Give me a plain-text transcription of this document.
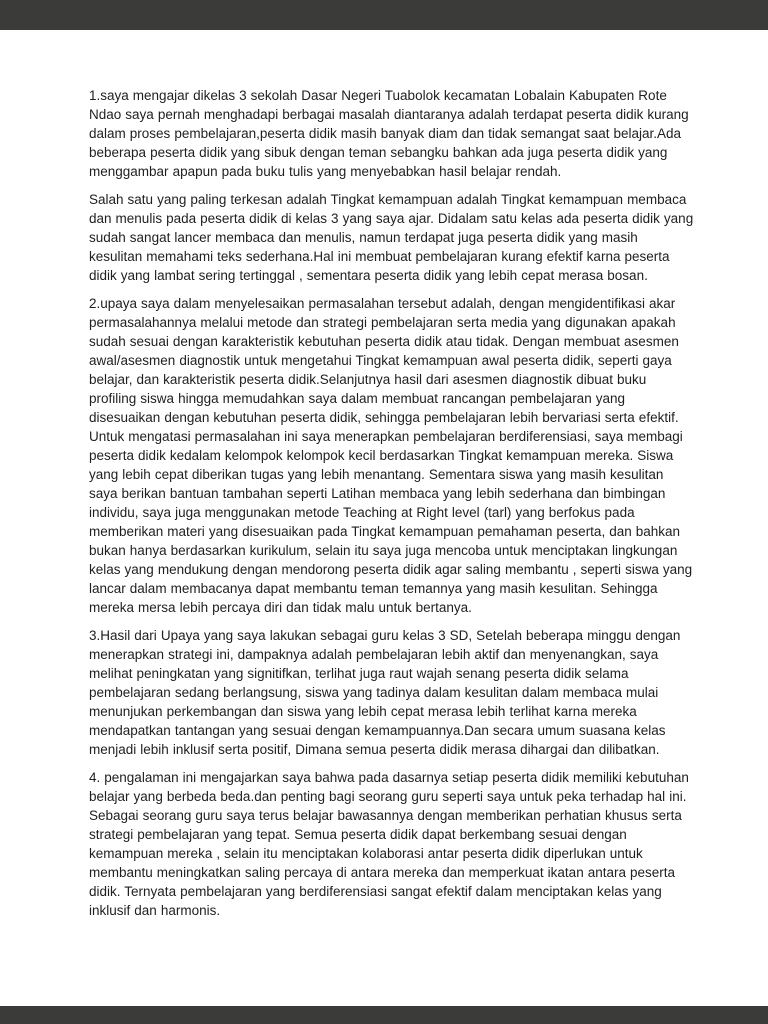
1.saya mengajar dikelas 3 sekolah Dasar Negeri Tuabolok kecamatan Lobalain Kabupaten Rote Ndao saya pernah menghadapi berbagai masalah diantaranya adalah terdapat peserta didik kurang dalam proses pembelajaran,peserta didik masih banyak diam dan tidak semangat saat belajar.Ada beberapa peserta didik yang sibuk dengan teman sebangku bahkan ada juga peserta didik yang menggambar apapun pada buku tulis yang menyebabkan hasil belajar rendah.

Salah satu yang paling terkesan adalah Tingkat kemampuan adalah Tingkat kemampuan membaca dan menulis pada peserta didik di kelas 3 yang saya ajar. Didalam satu kelas ada peserta didik yang sudah sangat lancer membaca dan menulis, namun terdapat juga peserta didik yang masih kesulitan memahami teks sederhana.Hal ini membuat pembelajaran kurang efektif karna peserta didik yang lambat sering tertinggal , sementara peserta didik yang lebih cepat merasa bosan.

2.upaya saya dalam menyelesaikan permasalahan tersebut adalah, dengan mengidentifikasi akar permasalahannya melalui metode dan strategi pembelajaran serta media yang digunakan apakah sudah sesuai dengan karakteristik kebutuhan peserta didik atau tidak. Dengan membuat asesmen awal/asesmen diagnostik untuk mengetahui Tingkat kemampuan awal peserta didik, seperti gaya belajar, dan karakteristik peserta didik.Selanjutnya hasil dari asesmen diagnostik dibuat buku profiling siswa hingga memudahkan saya dalam membuat rancangan pembelajaran yang disesuaikan dengan kebutuhan peserta didik, sehingga pembelajaran lebih bervariasi serta efektif. Untuk mengatasi permasalahan ini saya menerapkan pembelajaran berdiferensiasi, saya membagi peserta didik kedalam kelompok kelompok kecil berdasarkan Tingkat kemampuan mereka. Siswa yang lebih cepat diberikan tugas yang lebih menantang. Sementara siswa yang masih kesulitan saya berikan bantuan tambahan seperti Latihan membaca yang lebih sederhana dan bimbingan individu, saya juga menggunakan metode Teaching at Right level (tarl) yang berfokus pada memberikan materi yang disesuaikan pada Tingkat kemampuan pemahaman peserta, dan bahkan bukan hanya berdasarkan kurikulum, selain itu saya juga mencoba untuk menciptakan lingkungan kelas yang mendukung dengan mendorong peserta didik agar saling membantu , seperti siswa yang lancar dalam membacanya dapat membantu teman temannya yang masih kesulitan. Sehingga mereka mersa lebih percaya diri dan tidak malu untuk bertanya.

3.Hasil dari Upaya yang saya lakukan sebagai guru kelas 3 SD, Setelah beberapa minggu dengan menerapkan strategi ini, dampaknya adalah pembelajaran lebih aktif dan menyenangkan, saya melihat peningkatan yang signitifkan, terlihat juga raut wajah senang peserta didik selama pembelajaran sedang berlangsung, siswa yang tadinya dalam kesulitan dalam membaca mulai menunjukan perkembangan dan siswa yang lebih cepat merasa lebih terlihat karna mereka mendapatkan tantangan yang sesuai dengan kemampuannya.Dan secara umum suasana kelas menjadi lebih inklusif serta positif, Dimana semua peserta didik merasa dihargai dan dilibatkan.

4. pengalaman ini mengajarkan saya bahwa pada dasarnya setiap peserta didik memiliki kebutuhan belajar yang berbeda beda.dan penting bagi seorang guru seperti saya untuk peka terhadap hal ini. Sebagai seorang guru saya terus belajar bawasannya dengan memberikan perhatian khusus serta strategi pembelajaran yang tepat. Semua peserta didik dapat berkembang sesuai dengan kemampuan mereka , selain itu menciptakan kolaborasi antar peserta didik diperlukan untuk membantu meningkatkan saling percaya di antara mereka dan memperkuat ikatan antara peserta didik. Ternyata pembelajaran yang berdiferensiasi sangat efektif dalam menciptakan kelas yang inklusif dan harmonis.
